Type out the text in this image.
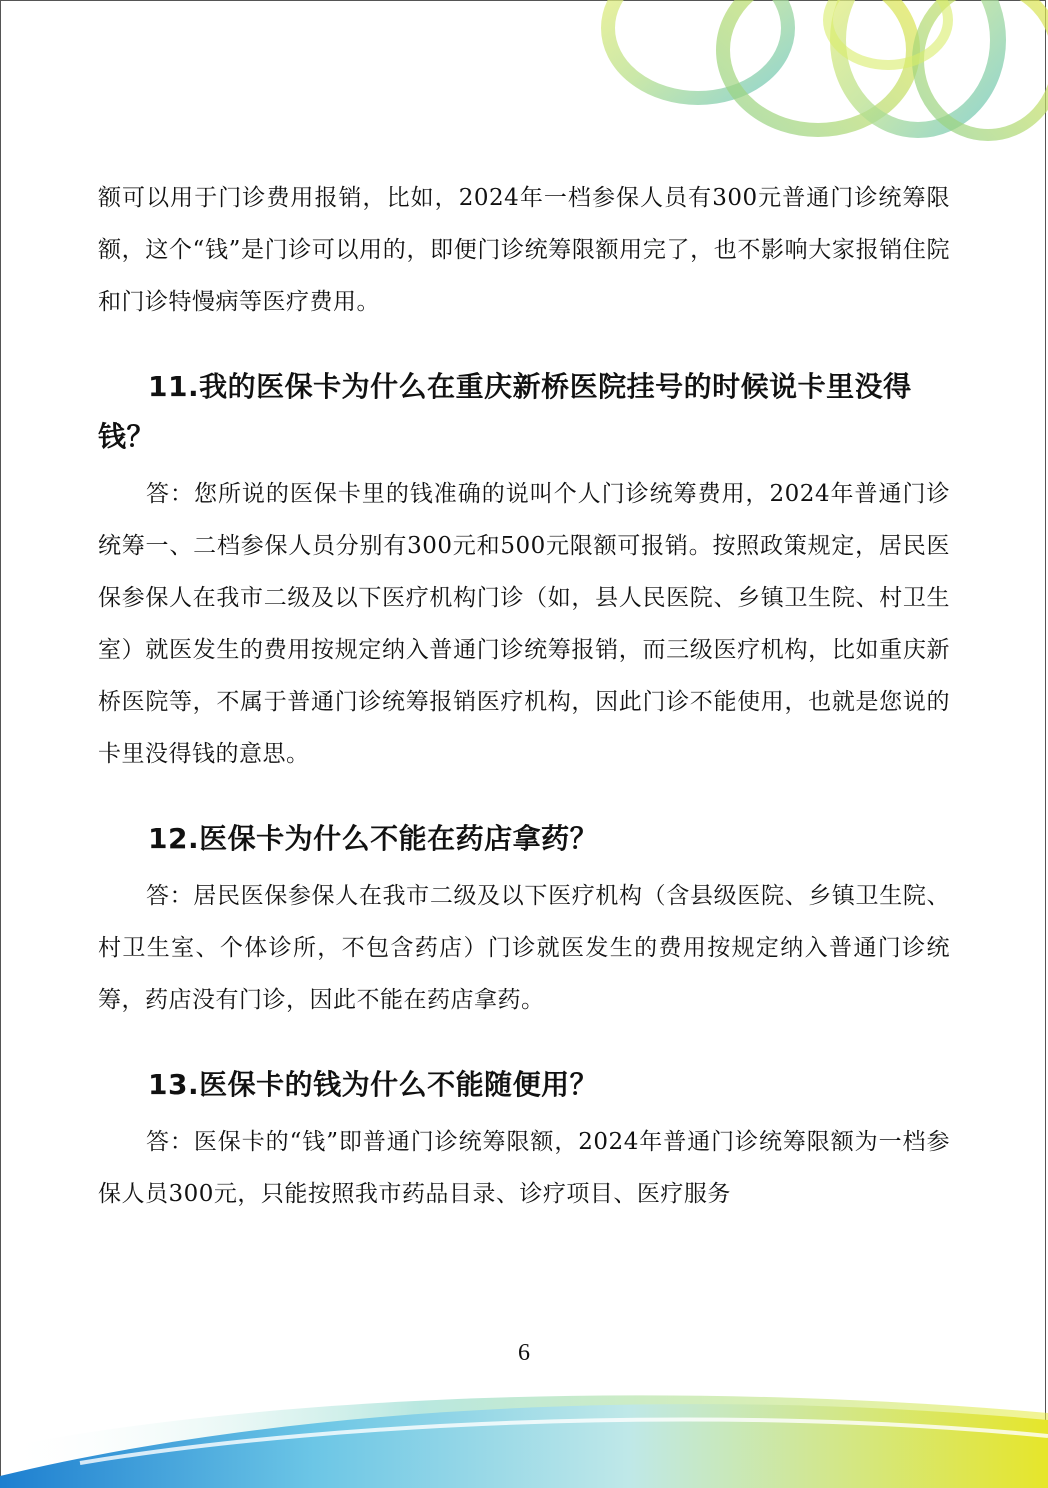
额可以用于门诊费用报销，比如，2024年一档参保人员有300元普通门诊统筹限额，这个“钱”是门诊可以用的，即便门诊统筹限额用完了，也不影响大家报销住院和门诊特慢病等医疗费用。

11.我的医保卡为什么在重庆新桥医院挂号的时候说卡里没得钱？

答：您所说的医保卡里的钱准确的说叫个人门诊统筹费用，2024年普通门诊统筹一、二档参保人员分别有300元和500元限额可报销。按照政策规定，居民医保参保人在我市二级及以下医疗机构门诊（如，县人民医院、乡镇卫生院、村卫生室）就医发生的费用按规定纳入普通门诊统筹报销，而三级医疗机构，比如重庆新桥医院等，不属于普通门诊统筹报销医疗机构，因此门诊不能使用，也就是您说的卡里没得钱的意思。

12.医保卡为什么不能在药店拿药？

答：居民医保参保人在我市二级及以下医疗机构（含县级医院、乡镇卫生院、村卫生室、个体诊所，不包含药店）门诊就医发生的费用按规定纳入普通门诊统筹，药店没有门诊，因此不能在药店拿药。

13.医保卡的钱为什么不能随便用？

答：医保卡的“钱”即普通门诊统筹限额，2024年普通门诊统筹限额为一档参保人员300元，只能按照我市药品目录、诊疗项目、医疗服务

6
